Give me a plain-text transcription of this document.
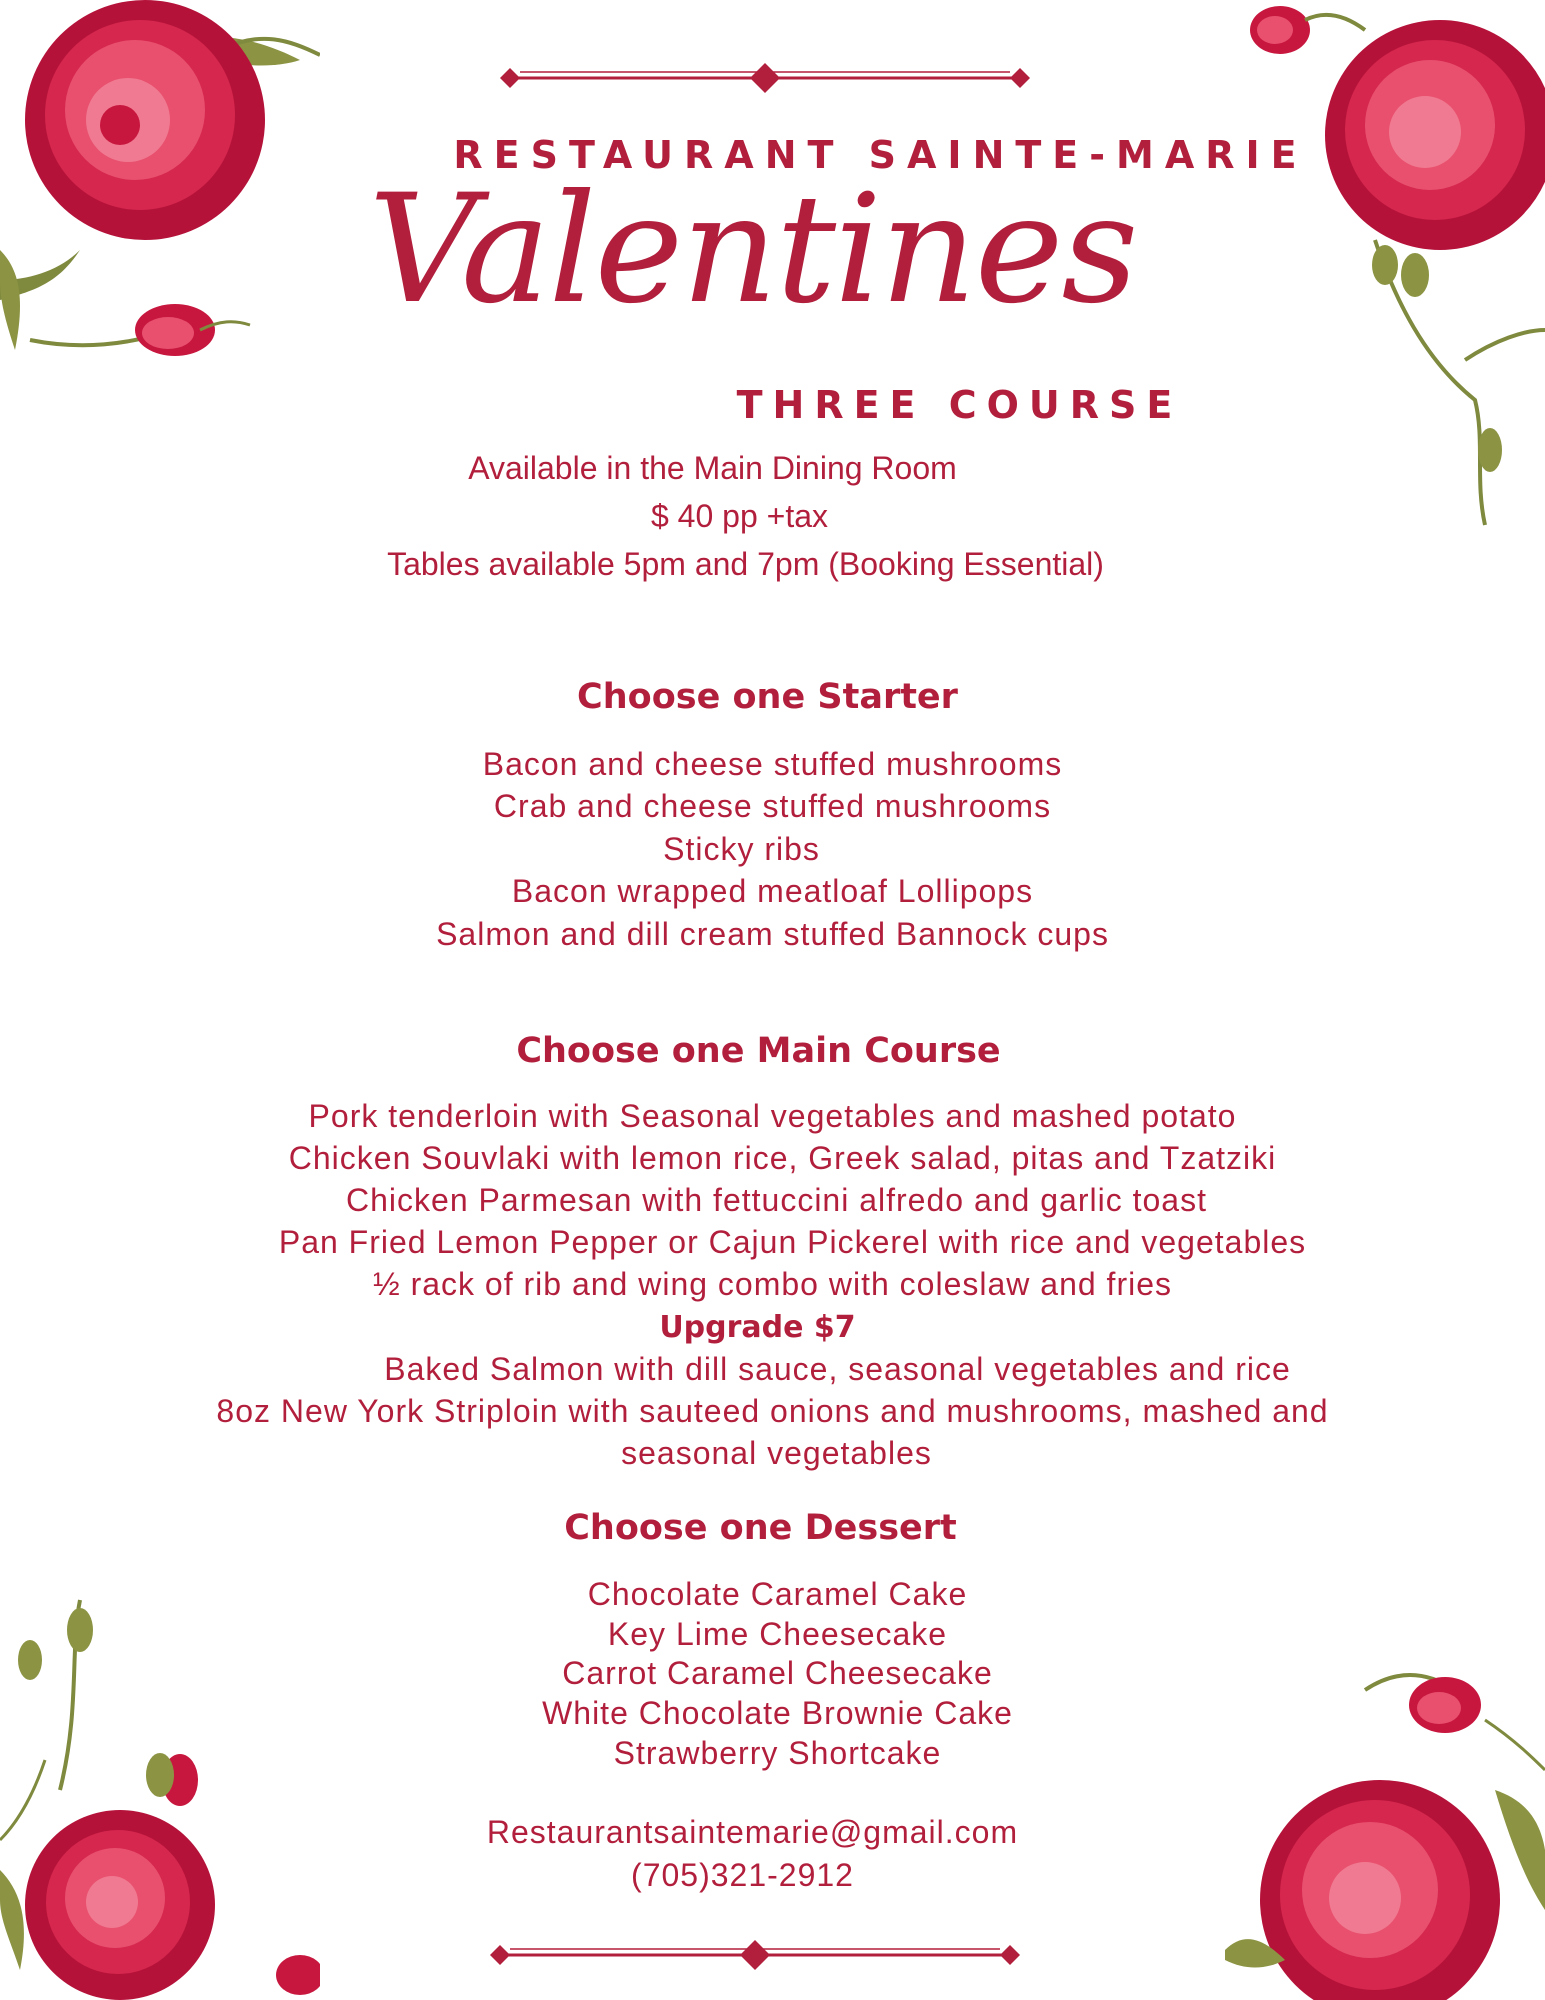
RESTAURANT SAINTE-MARIE
Valentines
THREE COURSE
Available in the Main Dining Room
$ 40 pp +tax
Tables available 5pm and 7pm (Booking Essential)
Choose one Starter
Bacon and cheese stuffed mushrooms
Crab and cheese stuffed mushrooms
Sticky ribs
Bacon wrapped meatloaf Lollipops
Salmon and dill cream stuffed Bannock cups
Choose one Main Course
Pork tenderloin with Seasonal vegetables and mashed potato
Chicken Souvlaki with lemon rice, Greek salad, pitas and Tzatziki
Chicken Parmesan with fettuccini alfredo and garlic toast
Pan Fried Lemon Pepper or Cajun Pickerel with rice and vegetables
½ rack of rib and wing combo with coleslaw and fries
Upgrade $7
Baked Salmon with dill sauce, seasonal vegetables and rice
8oz New York Striploin with sauteed onions and mushrooms, mashed and
seasonal vegetables
Choose one Dessert
Chocolate Caramel Cake
Key Lime Cheesecake
Carrot Caramel Cheesecake
White Chocolate Brownie Cake
Strawberry Shortcake
Restaurantsaintemarie@gmail.com
(705)321-2912
